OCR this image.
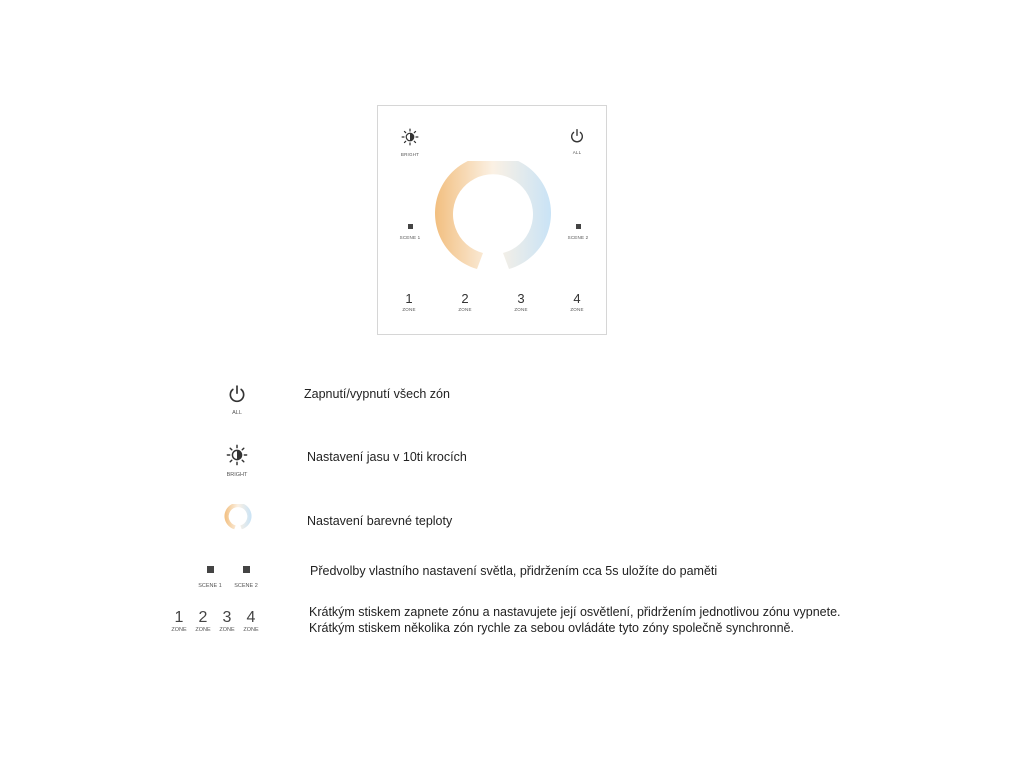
BRIGHT	ALL
SCENE 1	SCENE 2
1
ZONE
2
ZONE
3
ZONE
4
ZONE
ALL
Zapnutí/vypnutí všech zón
BRIGHT
Nastavení jasu v 10ti krocích
Nastavení barevné teploty
SCENE 1	SCENE 2
Předvolby vlastního nastavení světla, přidržením cca 5s uložíte do paměti
1
ZONE
2
ZONE
3
ZONE
4
ZONE
Krátkým stiskem zapnete zónu a nastavujete její osvětlení, přidržením jednotlivou zónu vypnete.
Krátkým stiskem několika zón rychle za sebou ovládáte tyto zóny společně synchronně.
